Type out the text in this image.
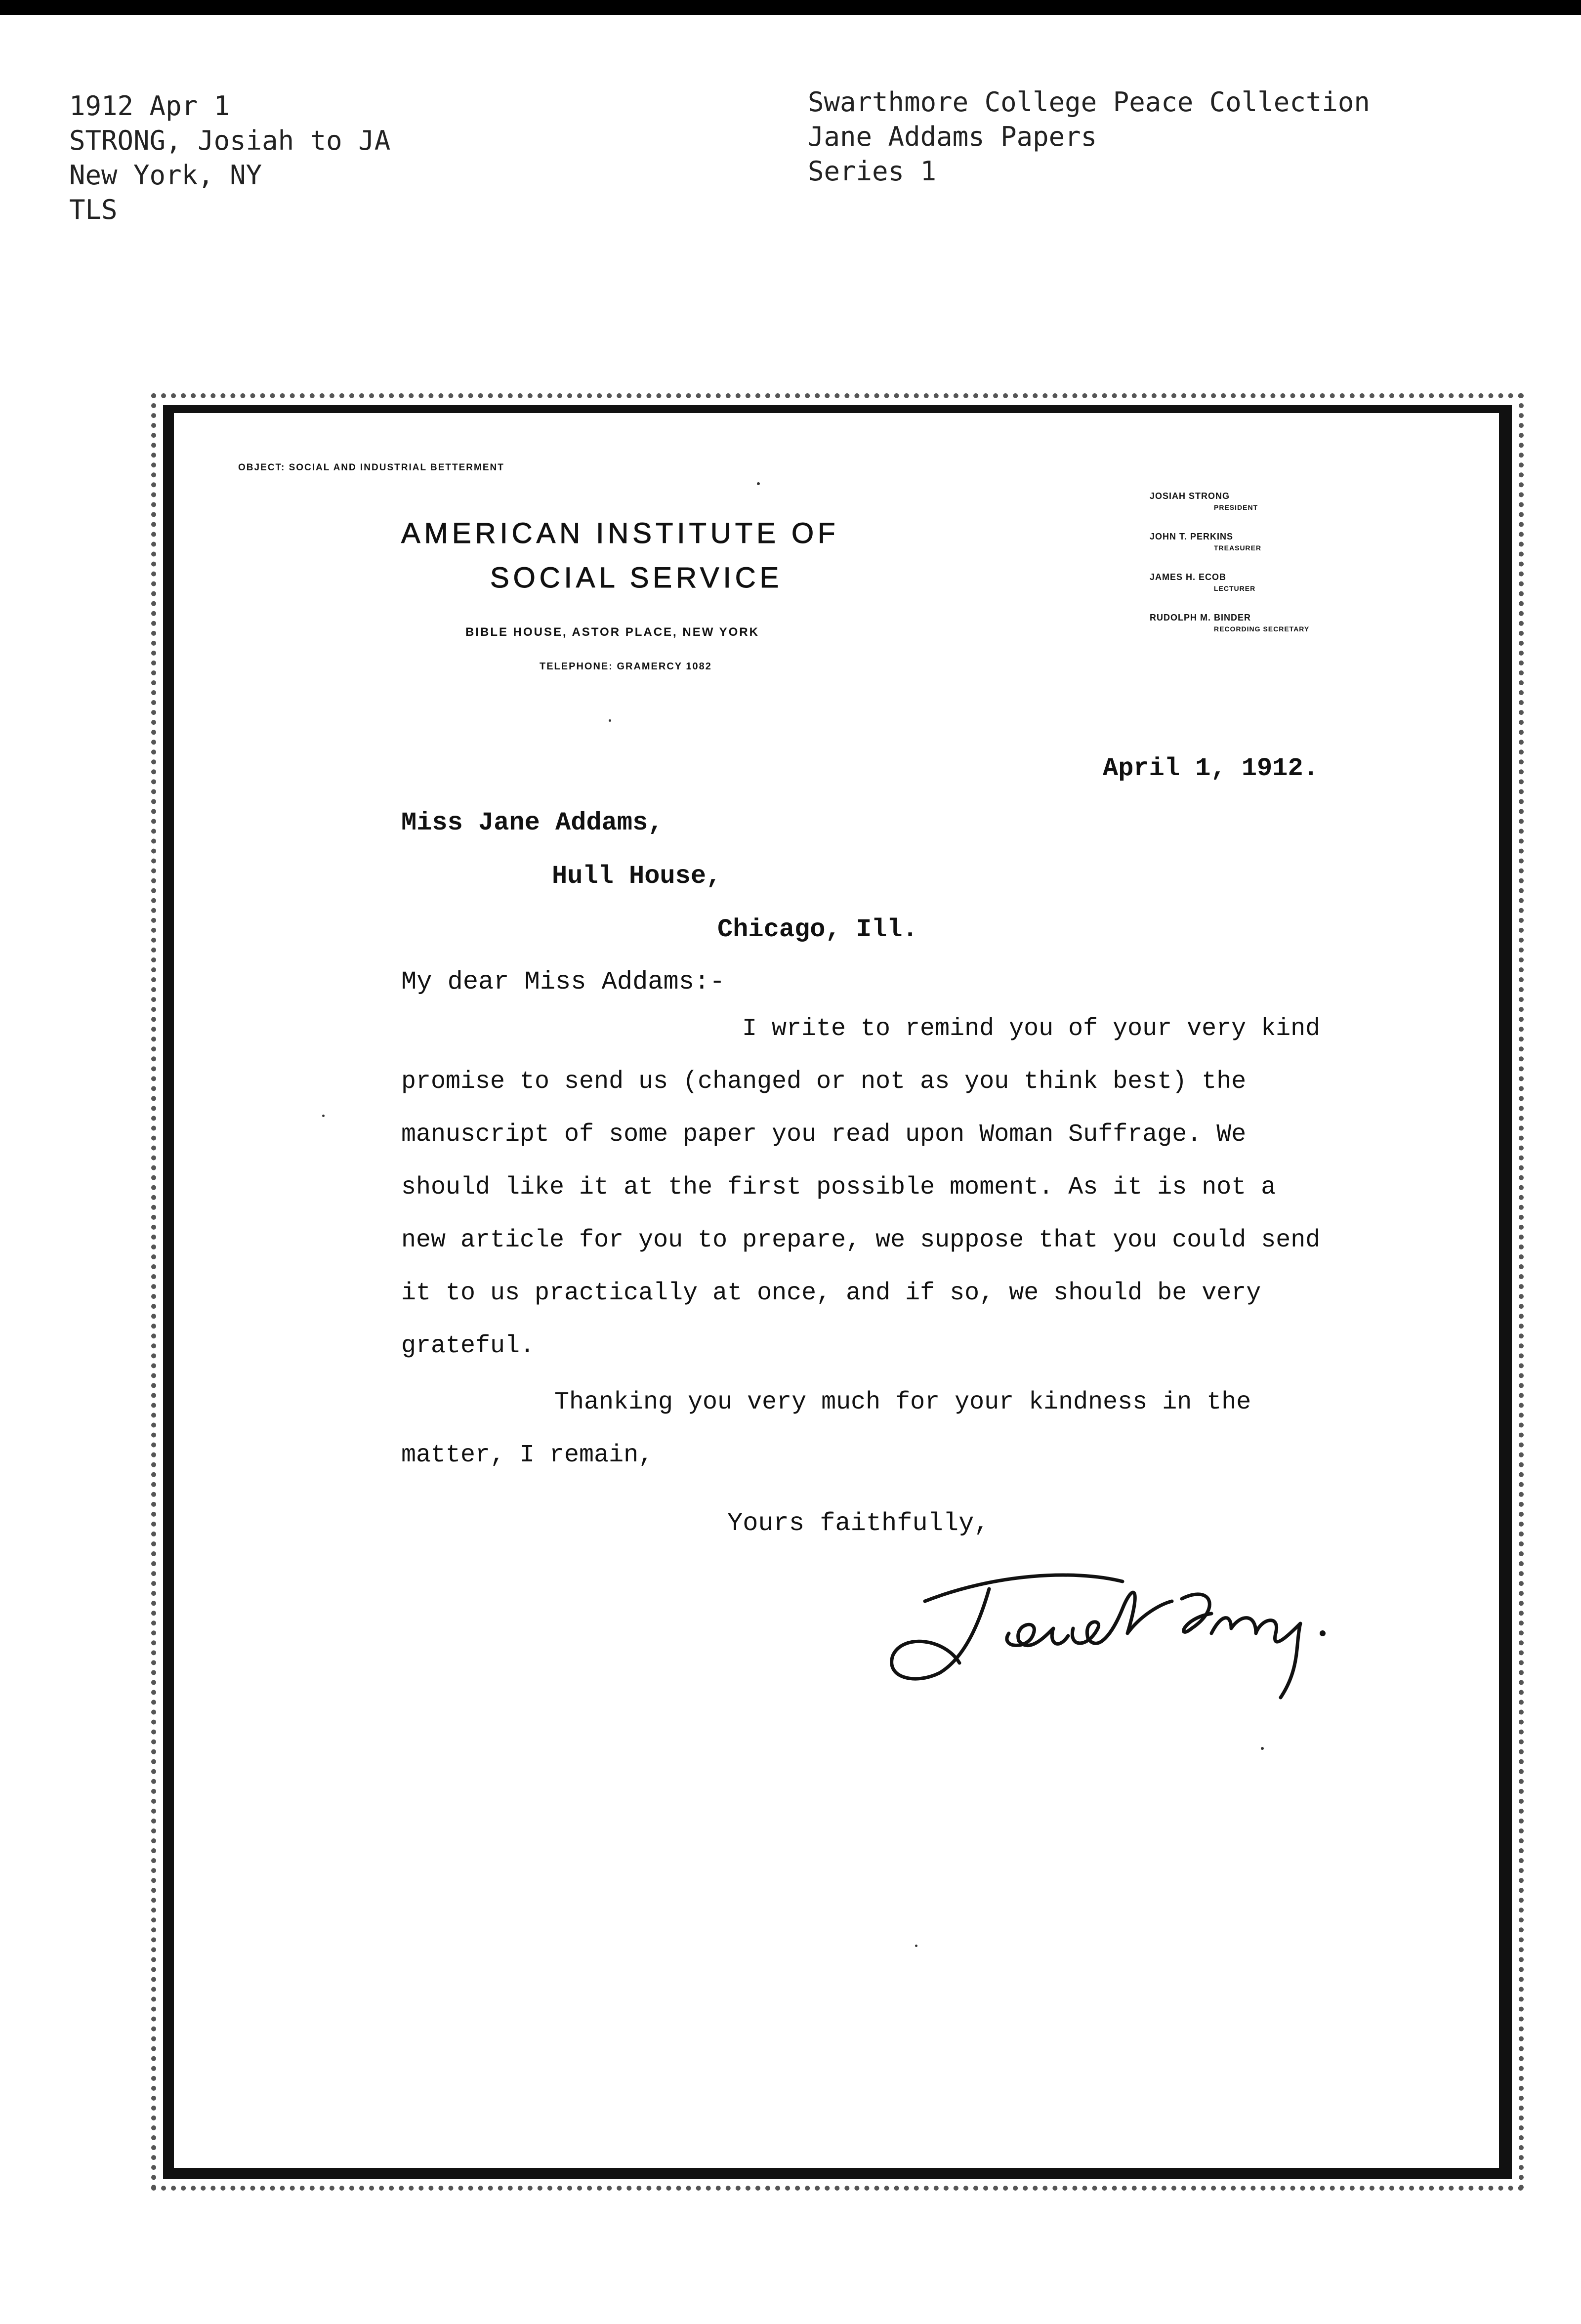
1912 Apr 1
STRONG, Josiah to JA
New York, NY
TLS
Swarthmore College Peace Collection
Jane Addams Papers
Series 1
OBJECT: SOCIAL AND INDUSTRIAL BETTERMENT
AMERICAN INSTITUTE OF
SOCIAL SERVICE
BIBLE HOUSE, ASTOR PLACE, NEW YORK
TELEPHONE: GRAMERCY 1082
JOSIAH STRONG
PRESIDENT
JOHN T. PERKINS
TREASURER
JAMES H. ECOB
LECTURER
RUDOLPH M. BINDER
RECORDING SECRETARY
April 1, 1912.
Miss Jane Addams,
Hull House,
Chicago, Ill.
My dear Miss Addams:-
I write to remind you of your very kind
promise to send us (changed or not as you think best) the
manuscript of some paper you read upon Woman Suffrage. We
should like it at the first possible moment. As it is not a
new article for you to prepare, we suppose that you could send
it to us practically at once, and if so, we should be very
grateful.
Thanking you very much for your kindness in the
matter, I remain,
Yours faithfully,
